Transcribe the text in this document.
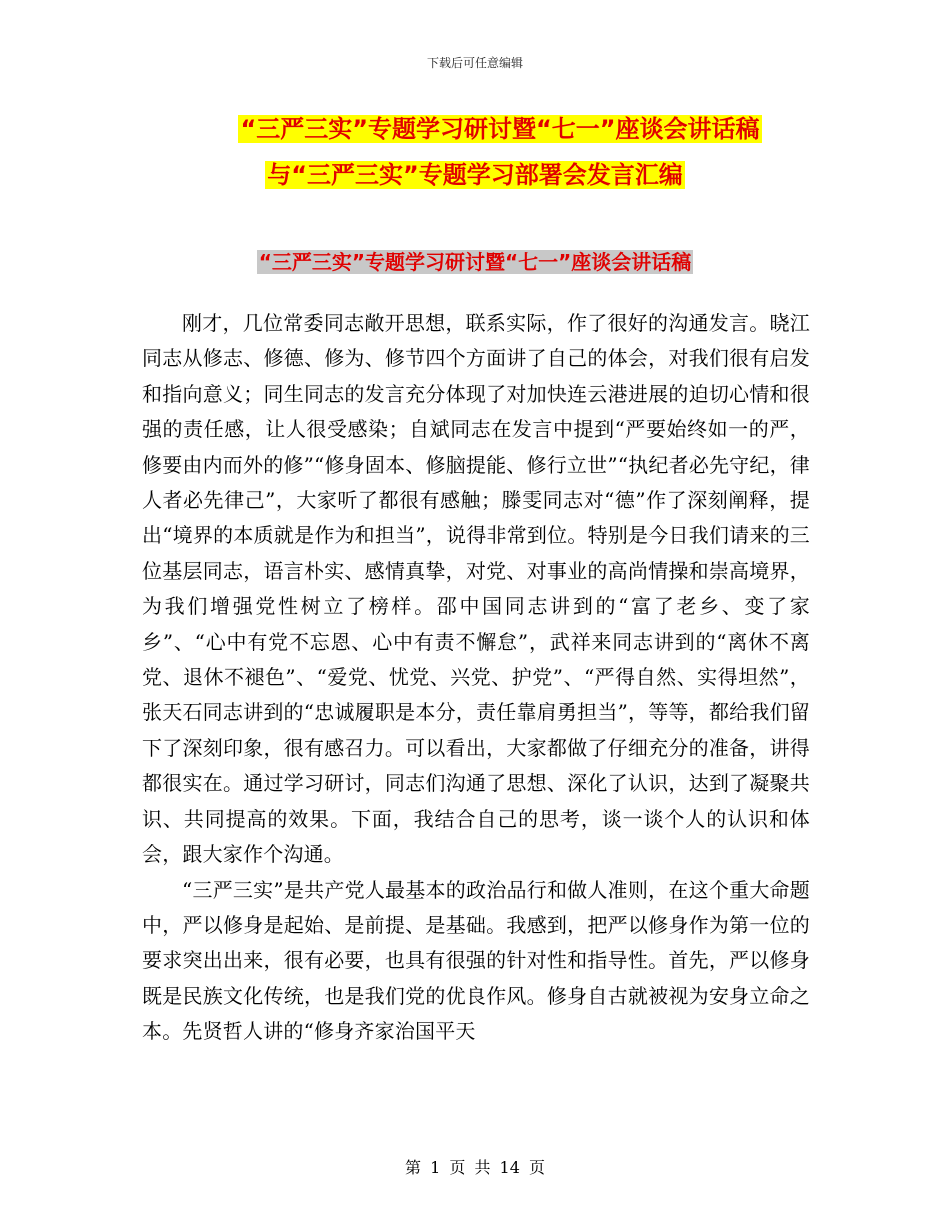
下载后可任意编辑
“三严三实”专题学习研讨暨“七一”座谈会讲话稿
与“三严三实”专题学习部署会发言汇编
“三严三实”专题学习研讨暨“七一”座谈会讲话稿

刚才，几位常委同志敞开思想，联系实际，作了很好的沟通发言。晓江同志从修志、修德、修为、修节四个方面讲了自己的体会，对我们很有启发和指向意义；同生同志的发言充分体现了对加快连云港进展的迫切心情和很强的责任感，让人很受感染；自斌同志在发言中提到“严要始终如一的严，修要由内而外的修”“修身固本、修脑提能、修行立世”“执纪者必先守纪，律人者必先律己”，大家听了都很有感触；滕雯同志对“德”作了深刻阐释，提出“境界的本质就是作为和担当”，说得非常到位。特别是今日我们请来的三位基层同志，语言朴实、感情真挚，对党、对事业的高尚情操和崇高境界，为我们增强党性树立了榜样。邵中国同志讲到的“富了老乡、变了家乡”、“心中有党不忘恩、心中有责不懈怠”，武祥来同志讲到的“离休不离党、退休不褪色”、“爱党、忧党、兴党、护党”、“严得自然、实得坦然”，张天石同志讲到的“忠诚履职是本分，责任靠肩勇担当”，等等，都给我们留下了深刻印象，很有感召力。可以看出，大家都做了仔细充分的准备，讲得都很实在。通过学习研讨，同志们沟通了思想、深化了认识，达到了凝聚共识、共同提高的效果。下面，我结合自己的思考，谈一谈个人的认识和体会，跟大家作个沟通。

“三严三实”是共产党人最基本的政治品行和做人准则，在这个重大命题中，严以修身是起始、是前提、是基础。我感到，把严以修身作为第一位的要求突出出来，很有必要，也具有很强的针对性和指导性。首先，严以修身既是民族文化传统，也是我们党的优良作风。修身自古就被视为安身立命之本。先贤哲人讲的“修身齐家治国平天

第 1 页 共 14 页
